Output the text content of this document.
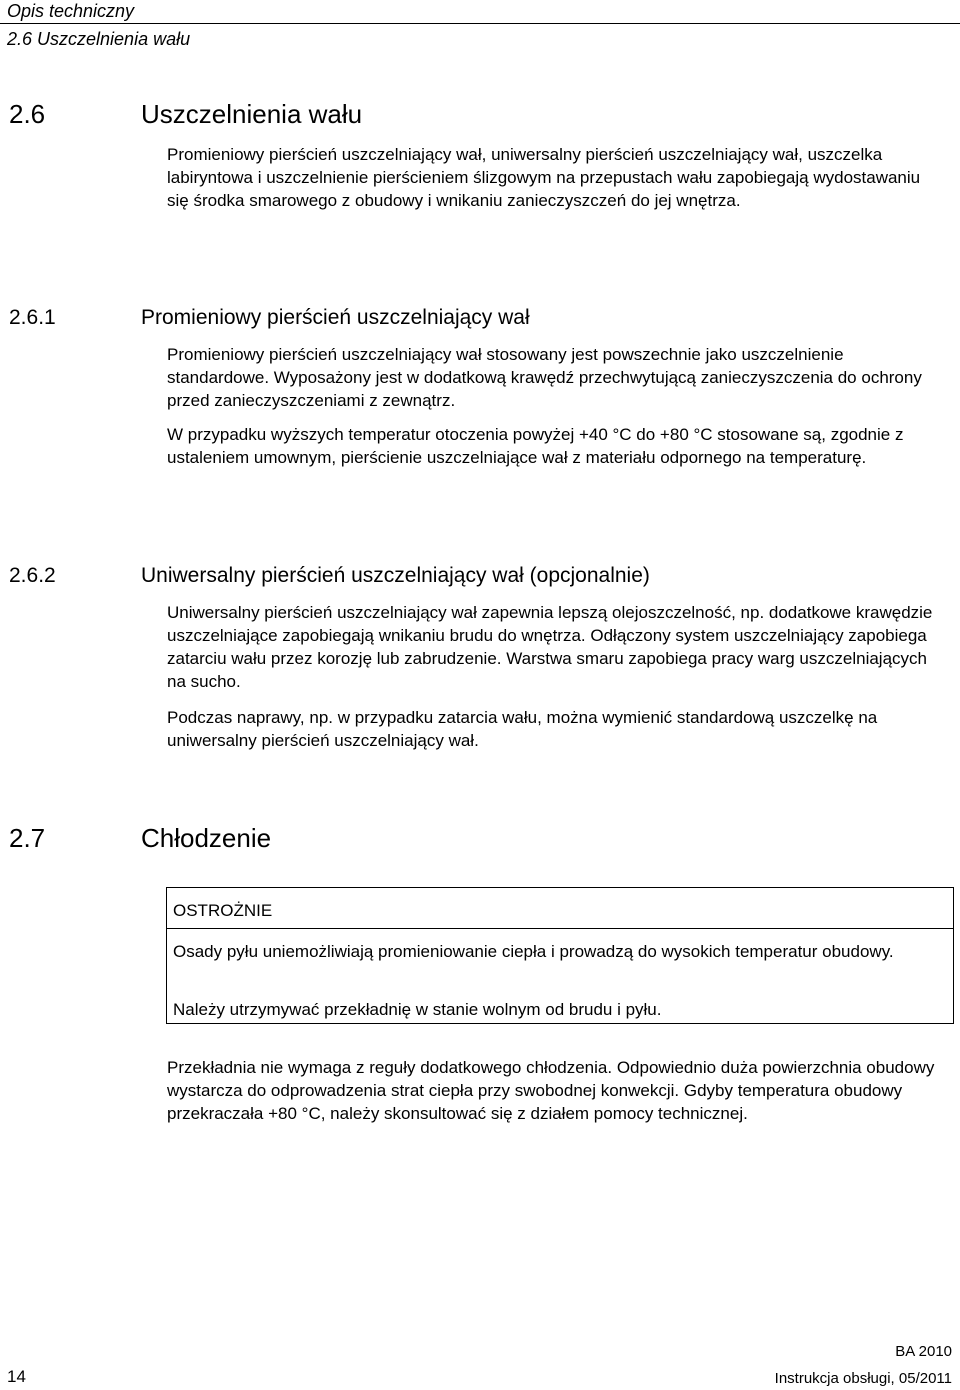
Opis techniczny
2.6 Uszczelnienia wału
2.6	Uszczelnienia wału

Promieniowy pierścień uszczelniający wał, uniwersalny pierścień uszczelniający wał, uszczelka labiryntowa i uszczelnienie pierścieniem ślizgowym na przepustach wału zapobiegają wydostawaniu się środka smarowego z obudowy i wnikaniu zanieczyszczeń do jej wnętrza.

2.6.1	Promieniowy pierścień uszczelniający wał

Promieniowy pierścień uszczelniający wał stosowany jest powszechnie jako uszczelnienie standardowe. Wyposażony jest w dodatkową krawędź przechwytującą zanieczyszczenia do ochrony przed zanieczyszczeniami z zewnątrz.

W przypadku wyższych temperatur otoczenia powyżej +40 °C do +80 °C stosowane są, zgodnie z ustaleniem umownym, pierścienie uszczelniające wał z materiału odpornego na temperaturę.

2.6.2	Uniwersalny pierścień uszczelniający wał (opcjonalnie)

Uniwersalny pierścień uszczelniający wał zapewnia lepszą olejoszczelność, np. dodatkowe krawędzie uszczelniające zapobiegają wnikaniu brudu do wnętrza. Odłączony system uszczelniający zapobiega zatarciu wału przez korozję lub zabrudzenie. Warstwa smaru zapobiega pracy warg uszczelniających na sucho.

Podczas naprawy, np. w przypadku zatarcia wału, można wymienić standardową uszczelkę na uniwersalny pierścień uszczelniający wał.

2.7	Chłodzenie
OSTROŻNIE

Osady pyłu uniemożliwiają promieniowanie ciepła i prowadzą do wysokich temperatur obudowy.

Należy utrzymywać przekładnię w stanie wolnym od brudu i pyłu.

Przekładnia nie wymaga z reguły dodatkowego chłodzenia. Odpowiednio duża powierzchnia obudowy wystarcza do odprowadzenia strat ciepła przy swobodnej konwekcji. Gdyby temperatura obudowy przekraczała +80 °C, należy skonsultować się z działem pomocy technicznej.

14
BA 2010
Instrukcja obsługi, 05/2011
